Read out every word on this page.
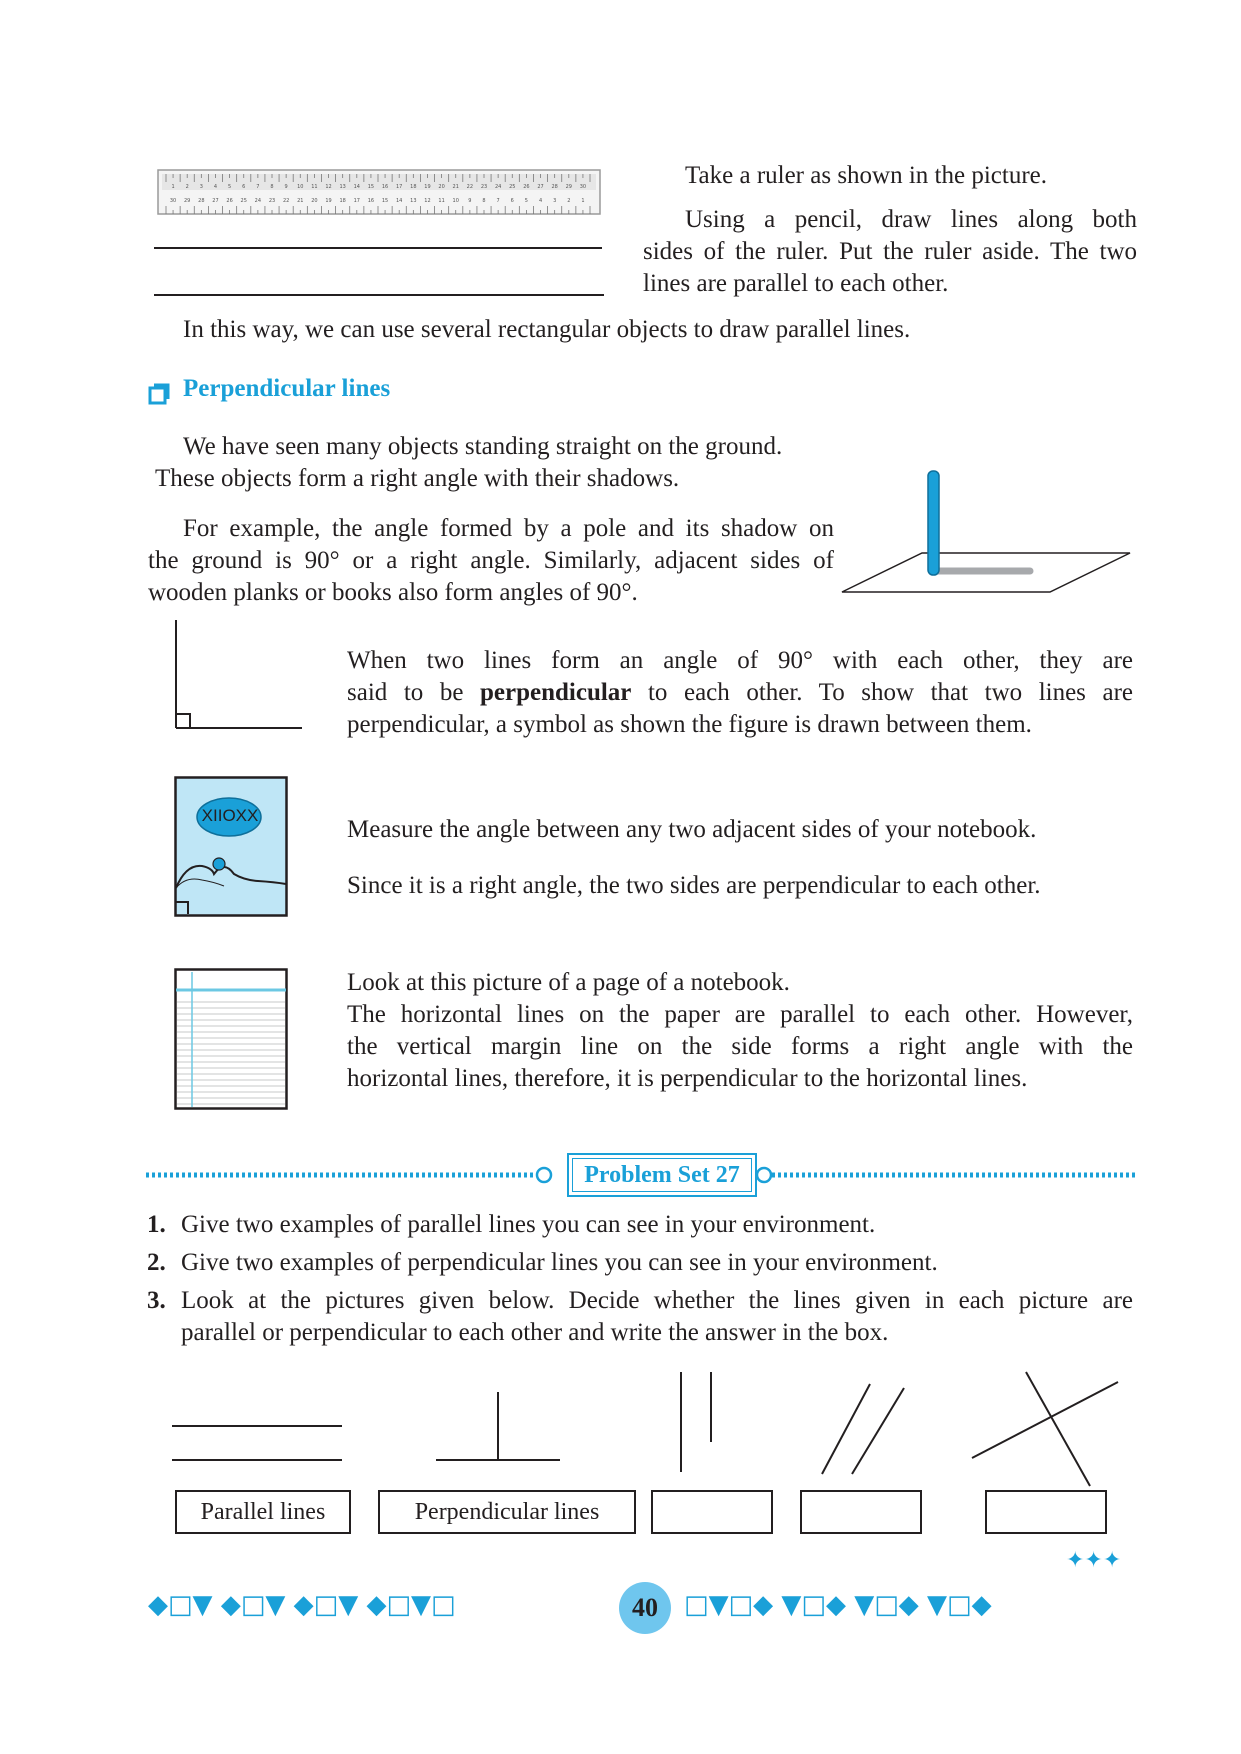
1
30
2
29
3
28
4
27
5
26
6
25
7
24
8
23
9
22
10
21
11
20
12
19
13
18
14
17
15
16
16
15
17
14
18
13
19
12
20
11
21
10
22
9
23
8
24
7
25
6
26
5
27
4
28
3
29
2
30
1

Take a ruler as shown in the picture.

Using a pencil, draw lines along both

sides of the ruler. Put the ruler aside. The two

lines are parallel to each other.

In this way, we can use several rectangular objects to draw parallel lines.

Perpendicular lines

We have seen many objects standing straight on the ground.

These objects form a right angle with their shadows.

For example, the angle formed by a pole and its shadow on

the ground is 90° or a right angle. Similarly, adjacent sides of

wooden planks or books also form angles of 90°.

When two lines form an angle of 90° with each other, they are

said to be perpendicular to each other. To show that two lines are

perpendicular, a symbol as shown the figure is drawn between them.

XIIOXX

Measure the angle between any two adjacent sides of your notebook.

Since it is a right angle, the two sides are perpendicular to each other.

Look at this picture of a page of a notebook.

The horizontal lines on the paper are parallel to each other. However,

the vertical margin line on the side forms a right angle with the

horizontal lines, therefore, it is perpendicular to the horizontal lines.

Problem Set 27

1. Give two examples of parallel lines you can see in your environment.

2. Give two examples of perpendicular lines you can see in your environment.

3. Look at the pictures given below. Decide whether the lines given in each picture are

parallel or perpendicular to each other and write the answer in the box.

Parallel lines	Perpendicular lines
✦✦✦
◆□▼ ◆□▼ ◆□▼ ◆□▼□	40	□▼□◆ ▼□◆ ▼□◆ ▼□◆
